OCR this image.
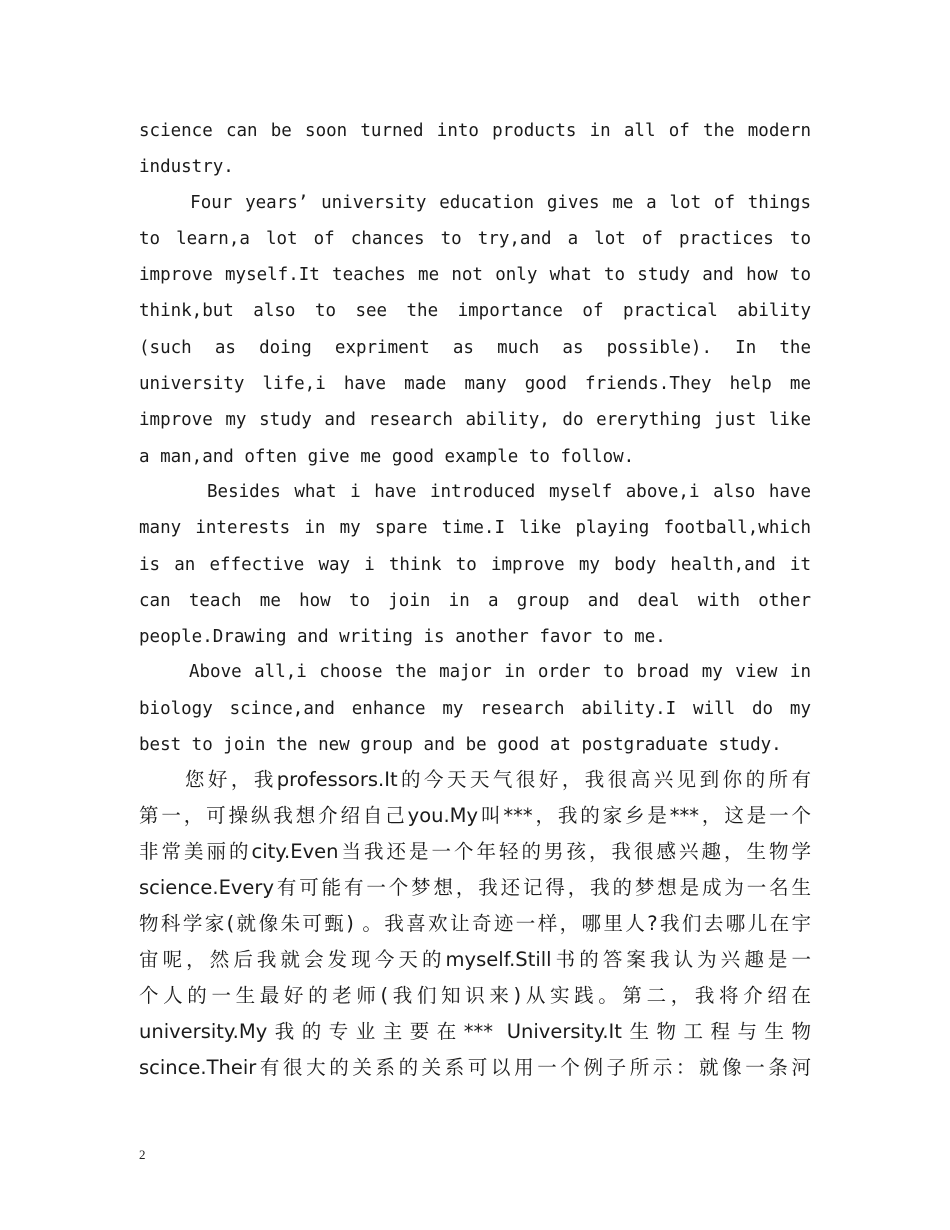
science can be soon turned into products in all of the modern
industry.
Four years’ university education gives me a lot of things
to learn,a lot of chances to try,and a lot of practices to
improve myself.It teaches me not only what to study and how to
think,but also to see the importance of practical ability
(such as doing expriment as much as possible). In the
university life,i have made many good friends.They help me
improve my study and research ability, do ererything just like
a man,and often give me good example to follow.
Besides what i have introduced myself above,i also have
many interests in my spare time.I like playing football,which
is an effective way i think to improve my body health,and it
can teach me how to join in a group and deal with other
people.Drawing and writing is another favor to me.
Above all,i choose the major in order to broad my view in
biology scince,and enhance my research ability.I will do my
best to join the new group and be good at postgraduate study.
　　您好，我professors.It的今天天气很好，我很高兴见到你的所有
第一，可操纵我想介绍自己you.My叫***，我的家乡是***，这是一个
非常美丽的city.Even当我还是一个年轻的男孩，我很感兴趣，生物学
science.Every有可能有一个梦想，我还记得，我的梦想是成为一名生
物科学家(就像朱可甄) 。我喜欢让奇迹一样，哪里人?我们去哪儿在宇
宙呢，然后我就会发现今天的myself.Still书的答案我认为兴趣是一
个人的一生最好的老师(我们知识来)从实践。第二，我将介绍在
university.My我的专业主要在*** University.It生物工程与生物
scince.Their有很大的关系的关系可以用一个例子所示：就像一条河
2
